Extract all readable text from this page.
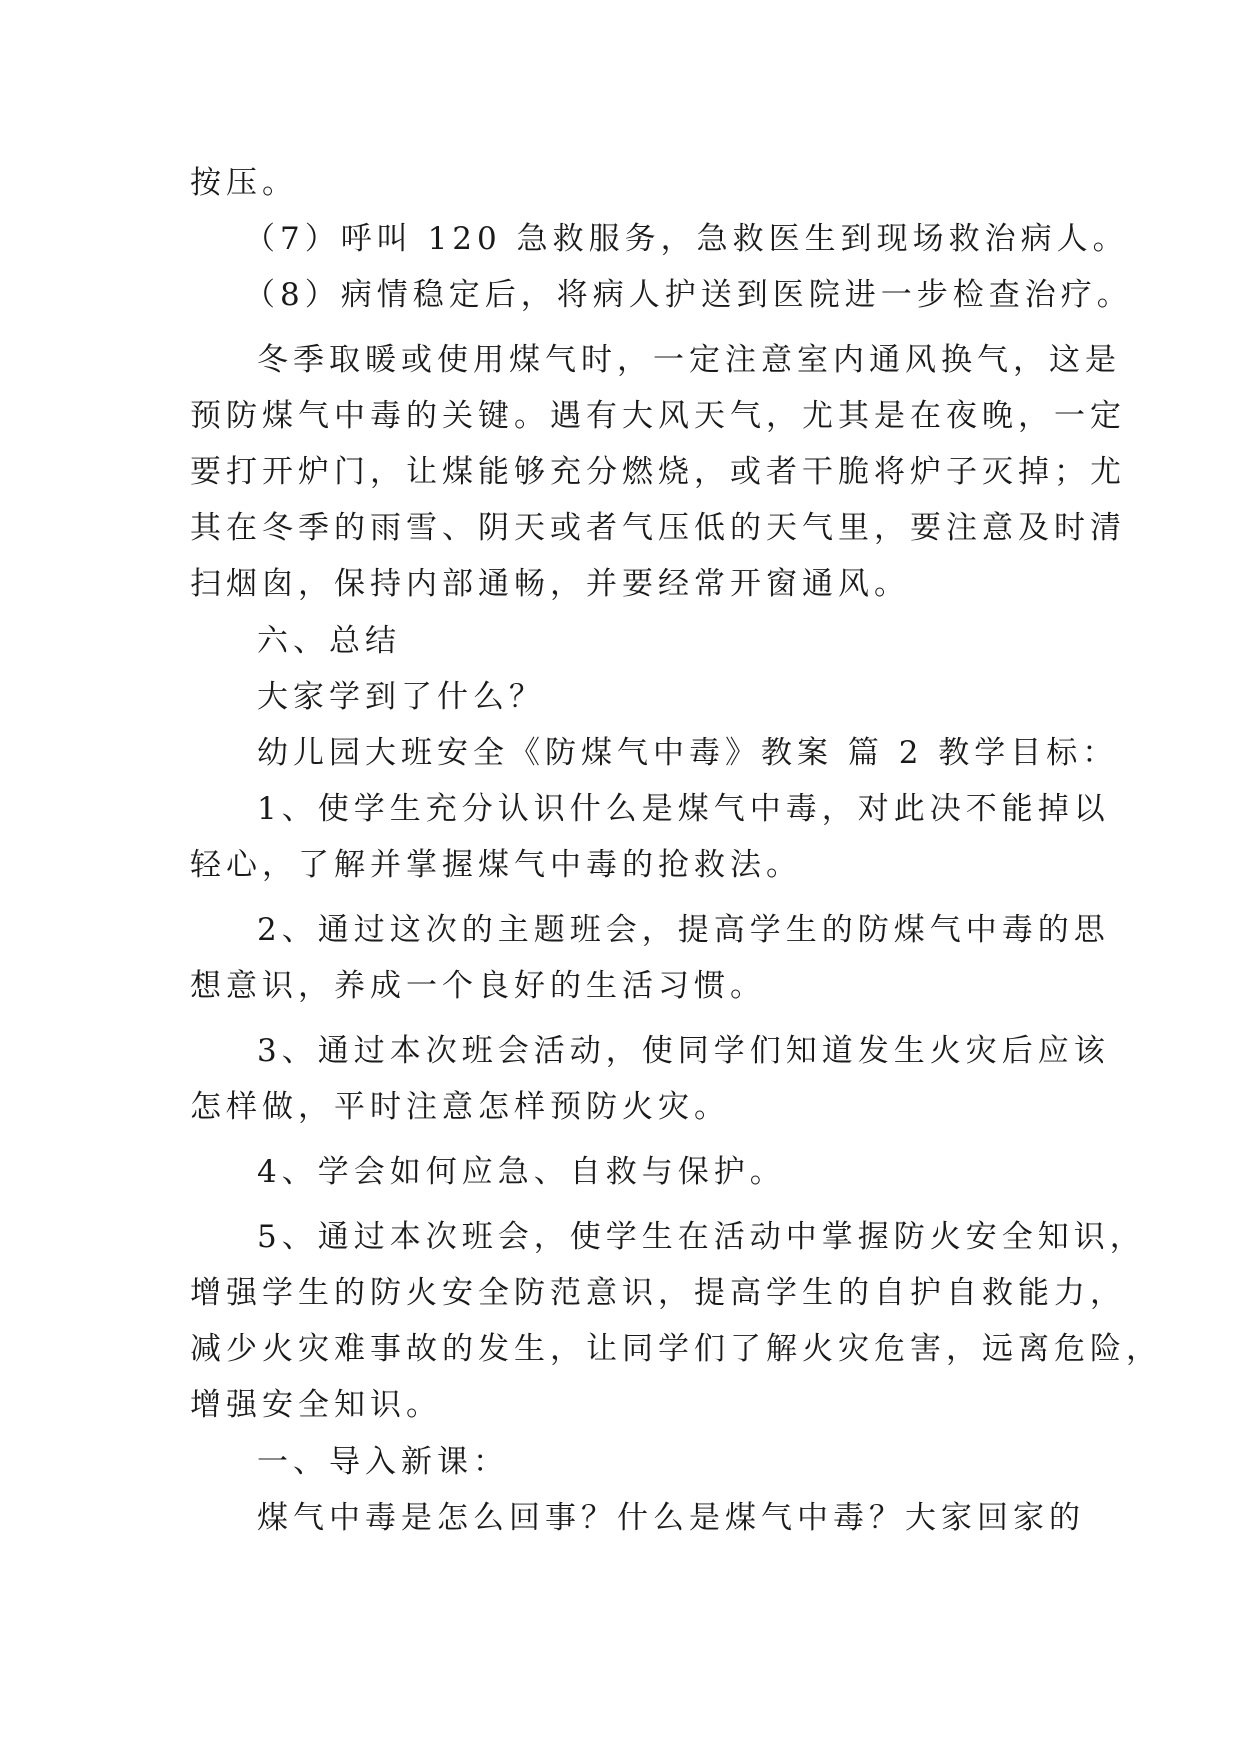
按压。
（7）呼叫 120 急救服务，急救医生到现场救治病人。
（8）病情稳定后，将病人护送到医院进一步检查治疗。
冬季取暖或使用煤气时，一定注意室内通风换气，这是
预防煤气中毒的关键。遇有大风天气，尤其是在夜晚，一定
要打开炉门，让煤能够充分燃烧，或者干脆将炉子灭掉；尤
其在冬季的雨雪、阴天或者气压低的天气里，要注意及时清
扫烟囱，保持内部通畅，并要经常开窗通风。
六、总结
大家学到了什么？
幼儿园大班安全《防煤气中毒》教案 篇 2 教学目标：
1、使学生充分认识什么是煤气中毒，对此决不能掉以
轻心，了解并掌握煤气中毒的抢救法。
2、通过这次的主题班会，提高学生的防煤气中毒的思
想意识，养成一个良好的生活习惯。
3、通过本次班会活动，使同学们知道发生火灾后应该
怎样做，平时注意怎样预防火灾。
4、学会如何应急、自救与保护。
5、通过本次班会，使学生在活动中掌握防火安全知识，
增强学生的防火安全防范意识，提高学生的自护自救能力，
减少火灾难事故的发生，让同学们了解火灾危害，远离危险，
增强安全知识。
一、导入新课：
煤气中毒是怎么回事？什么是煤气中毒？大家回家的
